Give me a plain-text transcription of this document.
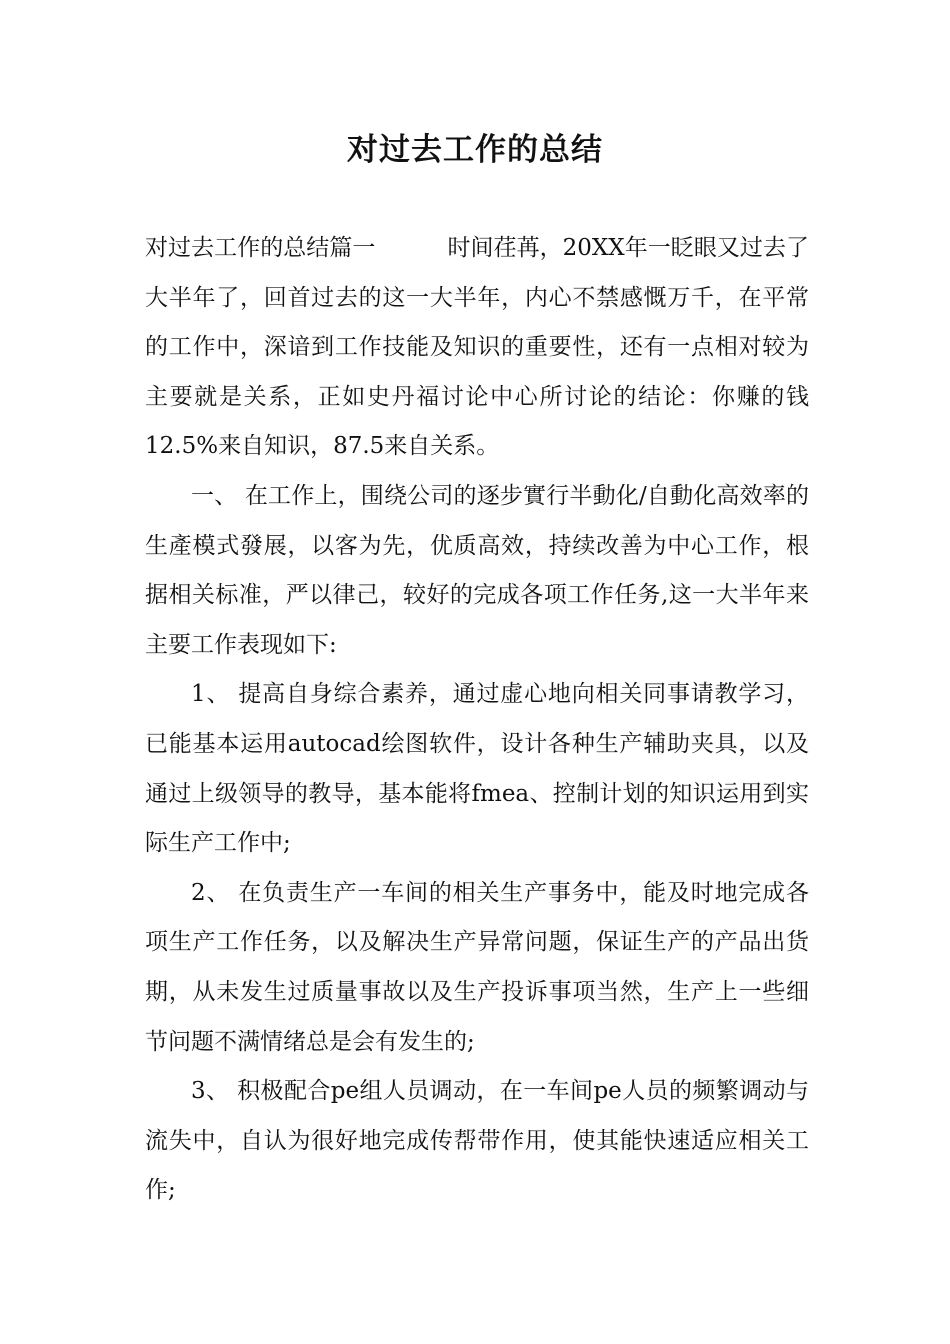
对过去工作的总结

对过去工作的总结篇一	时间荏苒，20XX年一眨眼又过去了大半年了，回首过去的这一大半年，内心不禁感慨万千，在平常的工作中，深谙到工作技能及知识的重要性，还有一点相对较为主要就是关系，正如史丹福讨论中心所讨论的结论：你赚的钱12.5%来自知识，87.5来自关系。

一、 在工作上，围绕公司的逐步實行半動化/自動化高效率的生產模式發展，以客为先，优质高效，持续改善为中心工作，根据相关标准，严以律己，较好的完成各项工作任务,这一大半年来主要工作表现如下:

1、 提高自身综合素养，通过虚心地向相关同事请教学习，已能基本运用autocad绘图软件，设计各种生产辅助夹具，以及通过上级领导的教导，基本能将fmea、控制计划的知识运用到实际生产工作中;

2、 在负责生产一车间的相关生产事务中，能及时地完成各项生产工作任务，以及解决生产异常问题，保证生产的产品出货期，从未发生过质量事故以及生产投诉事项当然，生产上一些细节问题不满情绪总是会有发生的;

3、 积极配合pe组人员调动，在一车间pe人员的频繁调动与流失中，自认为很好地完成传帮带作用，使其能快速适应相关工作;
